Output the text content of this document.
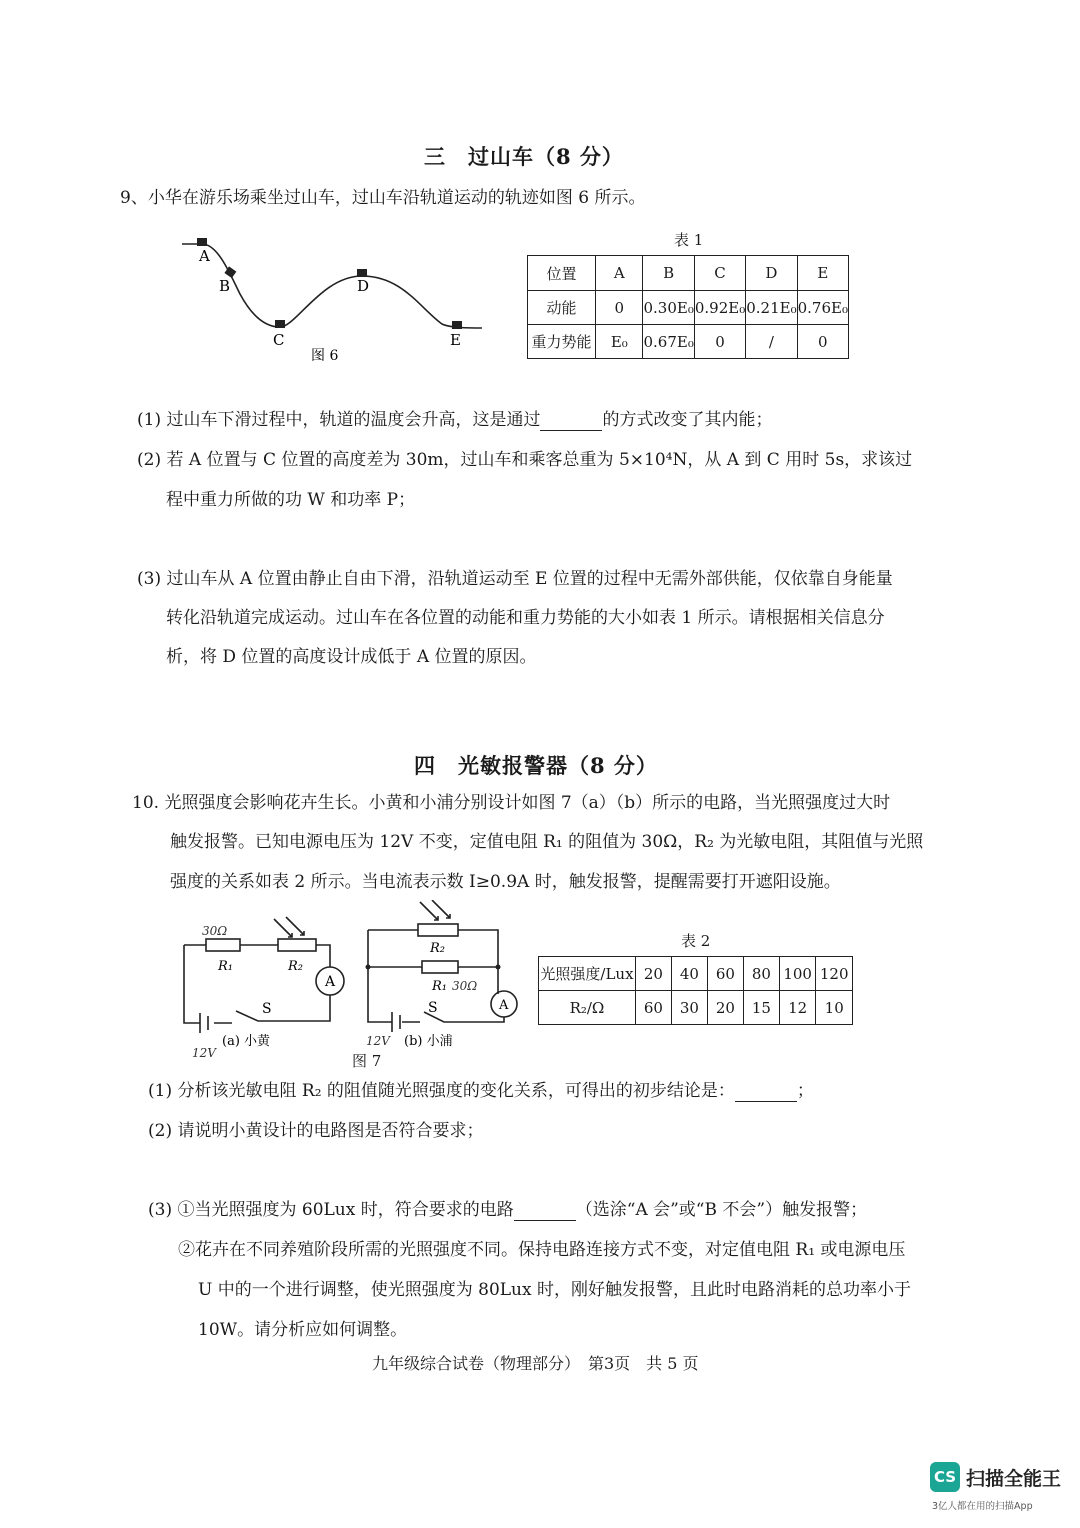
三　过山车（8 分）
9、小华在游乐场乘坐过山车，过山车沿轨道运动的轨迹如图 6 所示。
A
B
C
D
E
图 6
表 1
位置	A	B	C	D	E
动能	0	0.30E₀	0.92E₀	0.21E₀	0.76E₀
重力势能	E₀	0.67E₀	0	/	0
(1) 过山车下滑过程中，轨道的温度会升高，这是通过	的方式改变了其内能；
(2) 若 A 位置与 C 位置的高度差为 30m，过山车和乘客总重为 5×10⁴N，从 A 到 C 用时 5s，求该过
程中重力所做的功 W 和功率 P；
(3) 过山车从 A 位置由静止自由下滑，沿轨道运动至 E 位置的过程中无需外部供能，仅依靠自身能量
转化沿轨道完成运动。过山车在各位置的动能和重力势能的大小如表 1 所示。请根据相关信息分
析，将 D 位置的高度设计成低于 A 位置的原因。
四　光敏报警器（8 分）
10. 光照强度会影响花卉生长。小黄和小浦分别设计如图 7（a）（b）所示的电路，当光照强度过大时
触发报警。已知电源电压为 12V 不变，定值电阻 R₁ 的阻值为 30Ω，R₂ 为光敏电阻，其阻值与光照
强度的关系如表 2 所示。当电流表示数 I≥0.9A 时，触发报警，提醒需要打开遮阳设施。
R₁	R₂
A
S
(a) 小黄
30Ω
12V
R₂
R₁
A
S
(b) 小浦
30Ω
12V
图 7
表 2
光照强度/Lux	20	40	60	80	100	120
R₂/Ω	60	30	20	15	12	10
(1) 分析该光敏电阻 R₂ 的阻值随光照强度的变化关系，可得出的初步结论是：	；
(2) 请说明小黄设计的电路图是否符合要求；
(3) ①当光照强度为 60Lux 时，符合要求的电路	（选涂“A 会”或“B 不会”）触发报警；
②花卉在不同养殖阶段所需的光照强度不同。保持电路连接方式不变，对定值电阻 R₁ 或电源电压
U 中的一个进行调整，使光照强度为 80Lux 时，刚好触发报警，且此时电路消耗的总功率小于
10W。请分析应如何调整。
九年级综合试卷（物理部分）　第3页　共 5 页
CS 扫描全能王
3亿人都在用的扫描App
